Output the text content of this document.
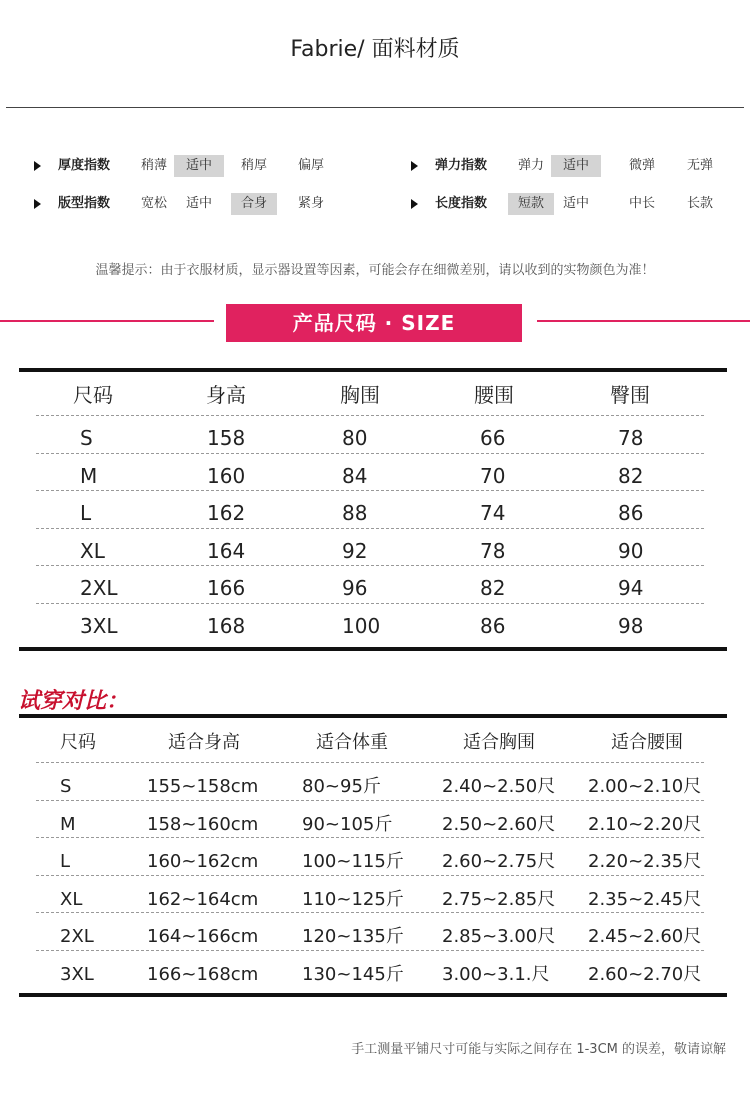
Fabrie/ 面料材质
厚度指数	稍薄	适中	稍厚	偏厚	弹力指数	弹力	适中	微弹	无弹
版型指数	宽松	适中	合身	紧身	长度指数	短款	适中	中长	长款
温馨提示：由于衣服材质，显示器设置等因素，可能会存在细微差别，请以收到的实物颜色为准！
产品尺码 · SIZE
尺码	身高	胸围	腰围	臀围
S	158	80	66	78
M	160	84	70	82
L	162	88	74	86
XL	164	92	78	90
2XL	166	96	82	94
3XL	168	100	86	98
试穿对比：
尺码	适合身高	适合体重	适合胸围	适合腰围
S	155~158cm 80~95斤	2.40~2.50尺 2.00~2.10尺
M	158~160cm 90~105斤	2.50~2.60尺 2.10~2.20尺
L	160~162cm 100~115斤 2.60~2.75尺 2.20~2.35尺
XL	162~164cm 110~125斤 2.75~2.85尺 2.35~2.45尺
2XL	164~166cm 120~135斤 2.85~3.00尺 2.45~2.60尺
3XL	166~168cm 130~145斤 3.00~3.1.尺 2.60~2.70尺
手工测量平铺尺寸可能与实际之间存在 1-3CM 的误差，敬请谅解
